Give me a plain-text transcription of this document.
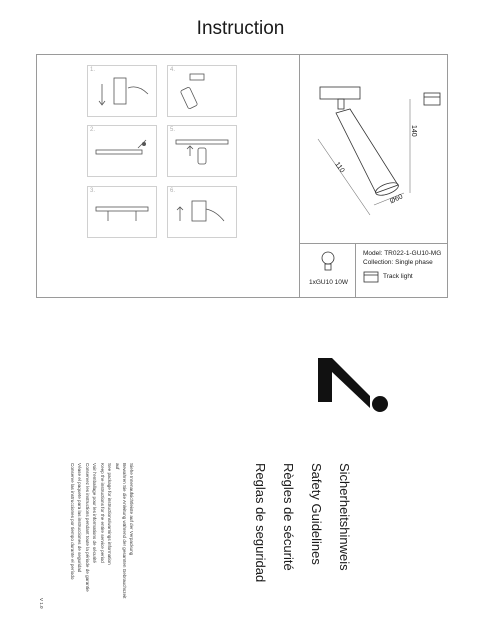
Instruction
1.
2.
3.
4.
5.
6.
140
110
Ø60
1xGU10 10W
Model: TR022-1-GU10-MG
Collection: Single phase
Track light
Sicherheitshinweis
Safety Guidelines
Règles de sécurité
Reglas de seguridad
Siehe Innenaufsichtleiste auf der Verpackung
Bewahren Sie die Anleitung während der gesamten Gebrauchszeit
auf
See package for instructions/warnings information
Keep the instructions for the entire service period
Voir l'emballage pour les informations de sécurité
Conservez les instructions pendant toute la période de garantie
Véase el paquete para las instrucciones de seguridad
Conserve las instrucciones por tiempo durante el período
V 1.0
